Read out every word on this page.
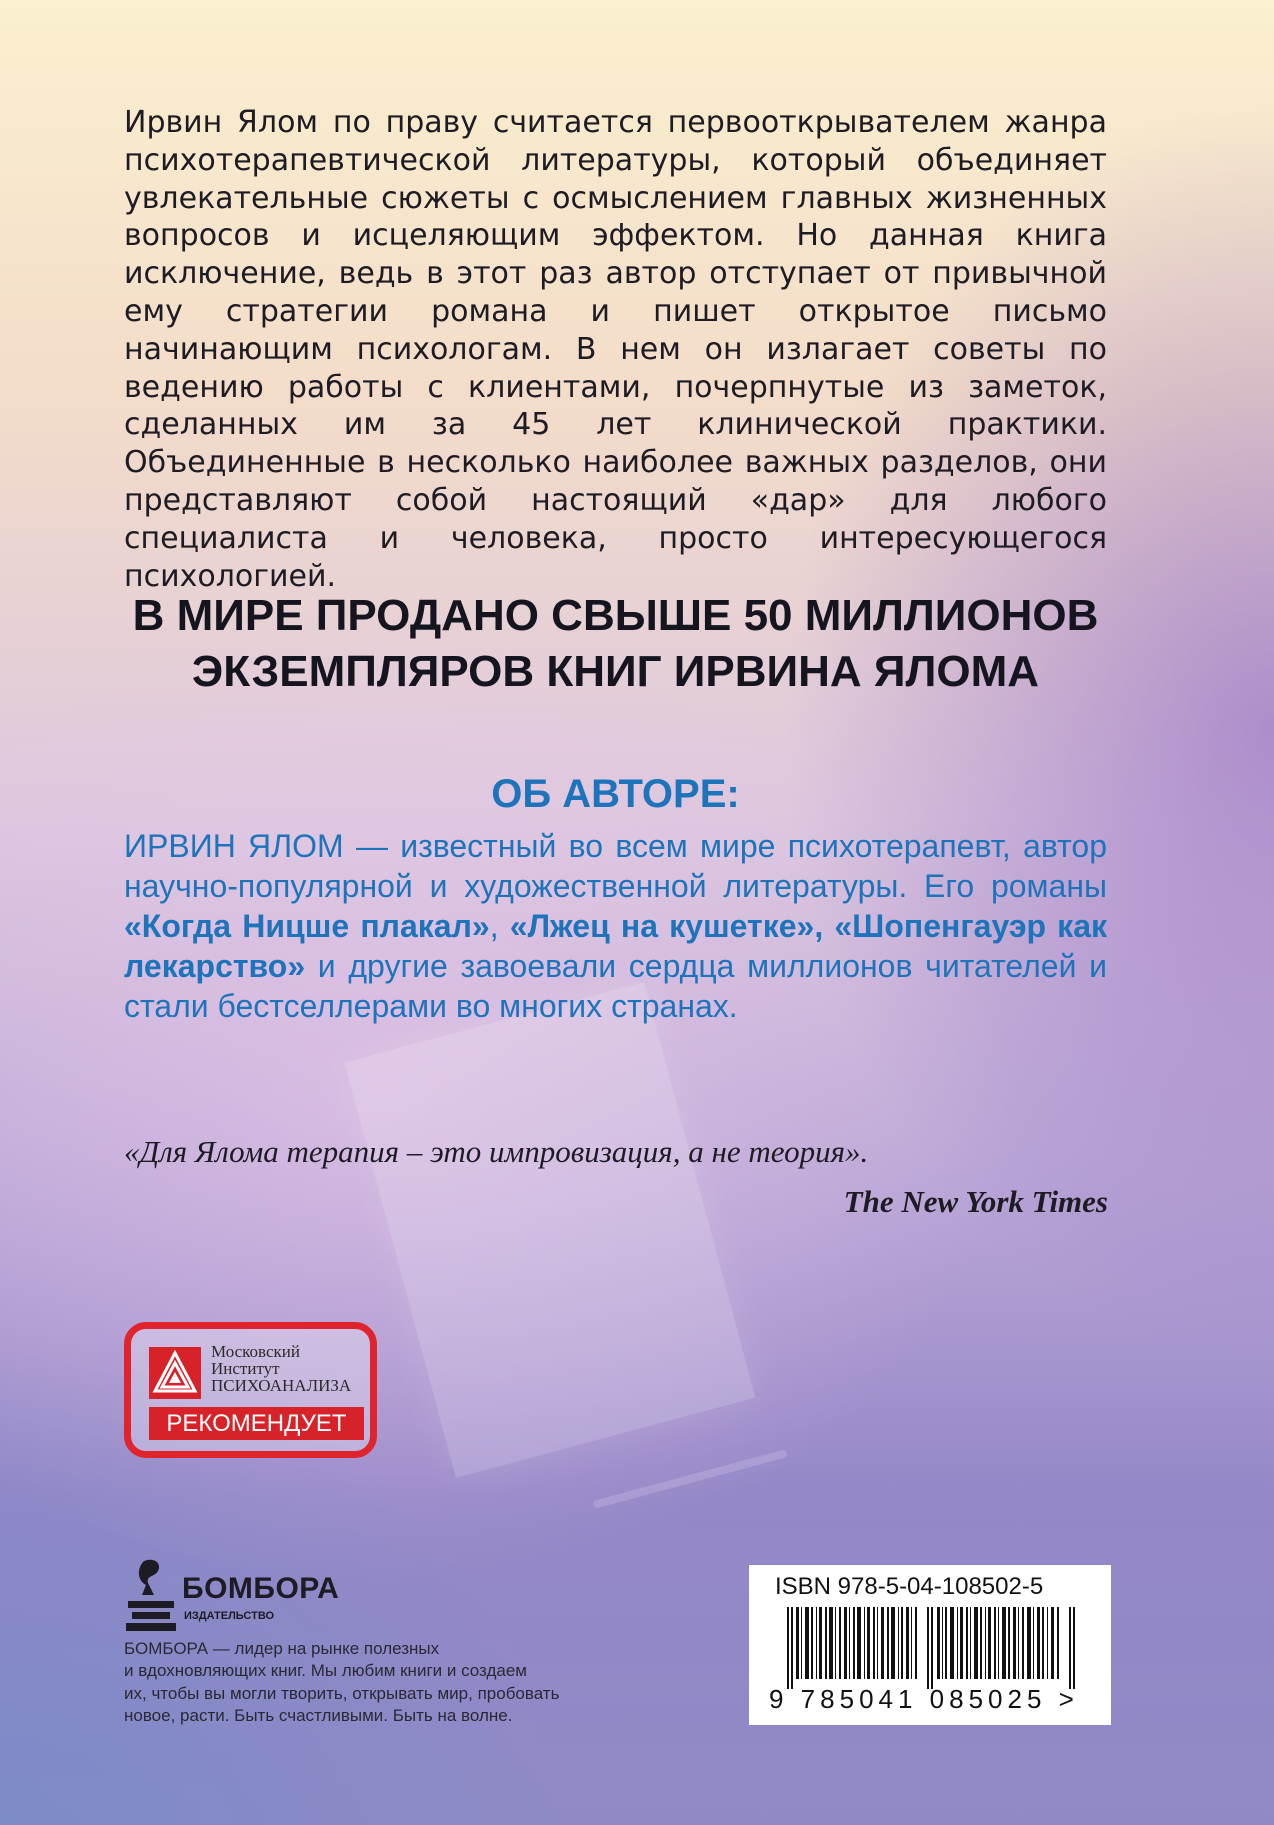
Ирвин Ялом по праву считается первооткрывателем жанра психотерапевтической литературы, который объединяет увлекательные сюжеты с осмыслением главных жизненных вопросов и исцеляющим эффектом. Но данная книга исключение, ведь в этот раз автор отступает от привычной ему стратегии романа и пишет открытое письмо начинающим психологам. В нем он излагает советы по ведению работы с клиентами, почерпнутые из заметок, сделанных им за 45 лет клинической практики. Объединенные в несколько наиболее важных разделов, они представляют собой настоящий «дар» для любого специалиста и человека, просто интересующегося психологией.

В МИРЕ ПРОДАНО СВЫШЕ 50 МИЛЛИОНОВ
ЭКЗЕМПЛЯРОВ КНИГ ИРВИНА ЯЛОМА
ОБ АВТОРЕ:

ИРВИН ЯЛОМ — известный во всем мире психотерапевт, автор научно-популярной и художественной литературы. Его романы «Когда Ницше плакал», «Лжец на кушетке», «Шопенгауэр как лекарство» и другие завоевали сердца миллионов читателей и стали бестселлерами во многих странах.

«Для Ялома терапия – это импровизация, а не теория».
The New York Times
Московский
Институт
ПСИХОАНАЛИЗА
РЕКОМЕНДУЕТ
БОМБОРА
ИЗДАТЕЛЬСТВО
БОМБОРА — лидер на рынке полезных
и вдохновляющих книг. Мы любим книги и создаем
их, чтобы вы могли творить, открывать мир, пробовать
новое, расти. Быть счастливыми. Быть на волне.
ISBN 978-5-04-108502-5
9 785041 085025 >
